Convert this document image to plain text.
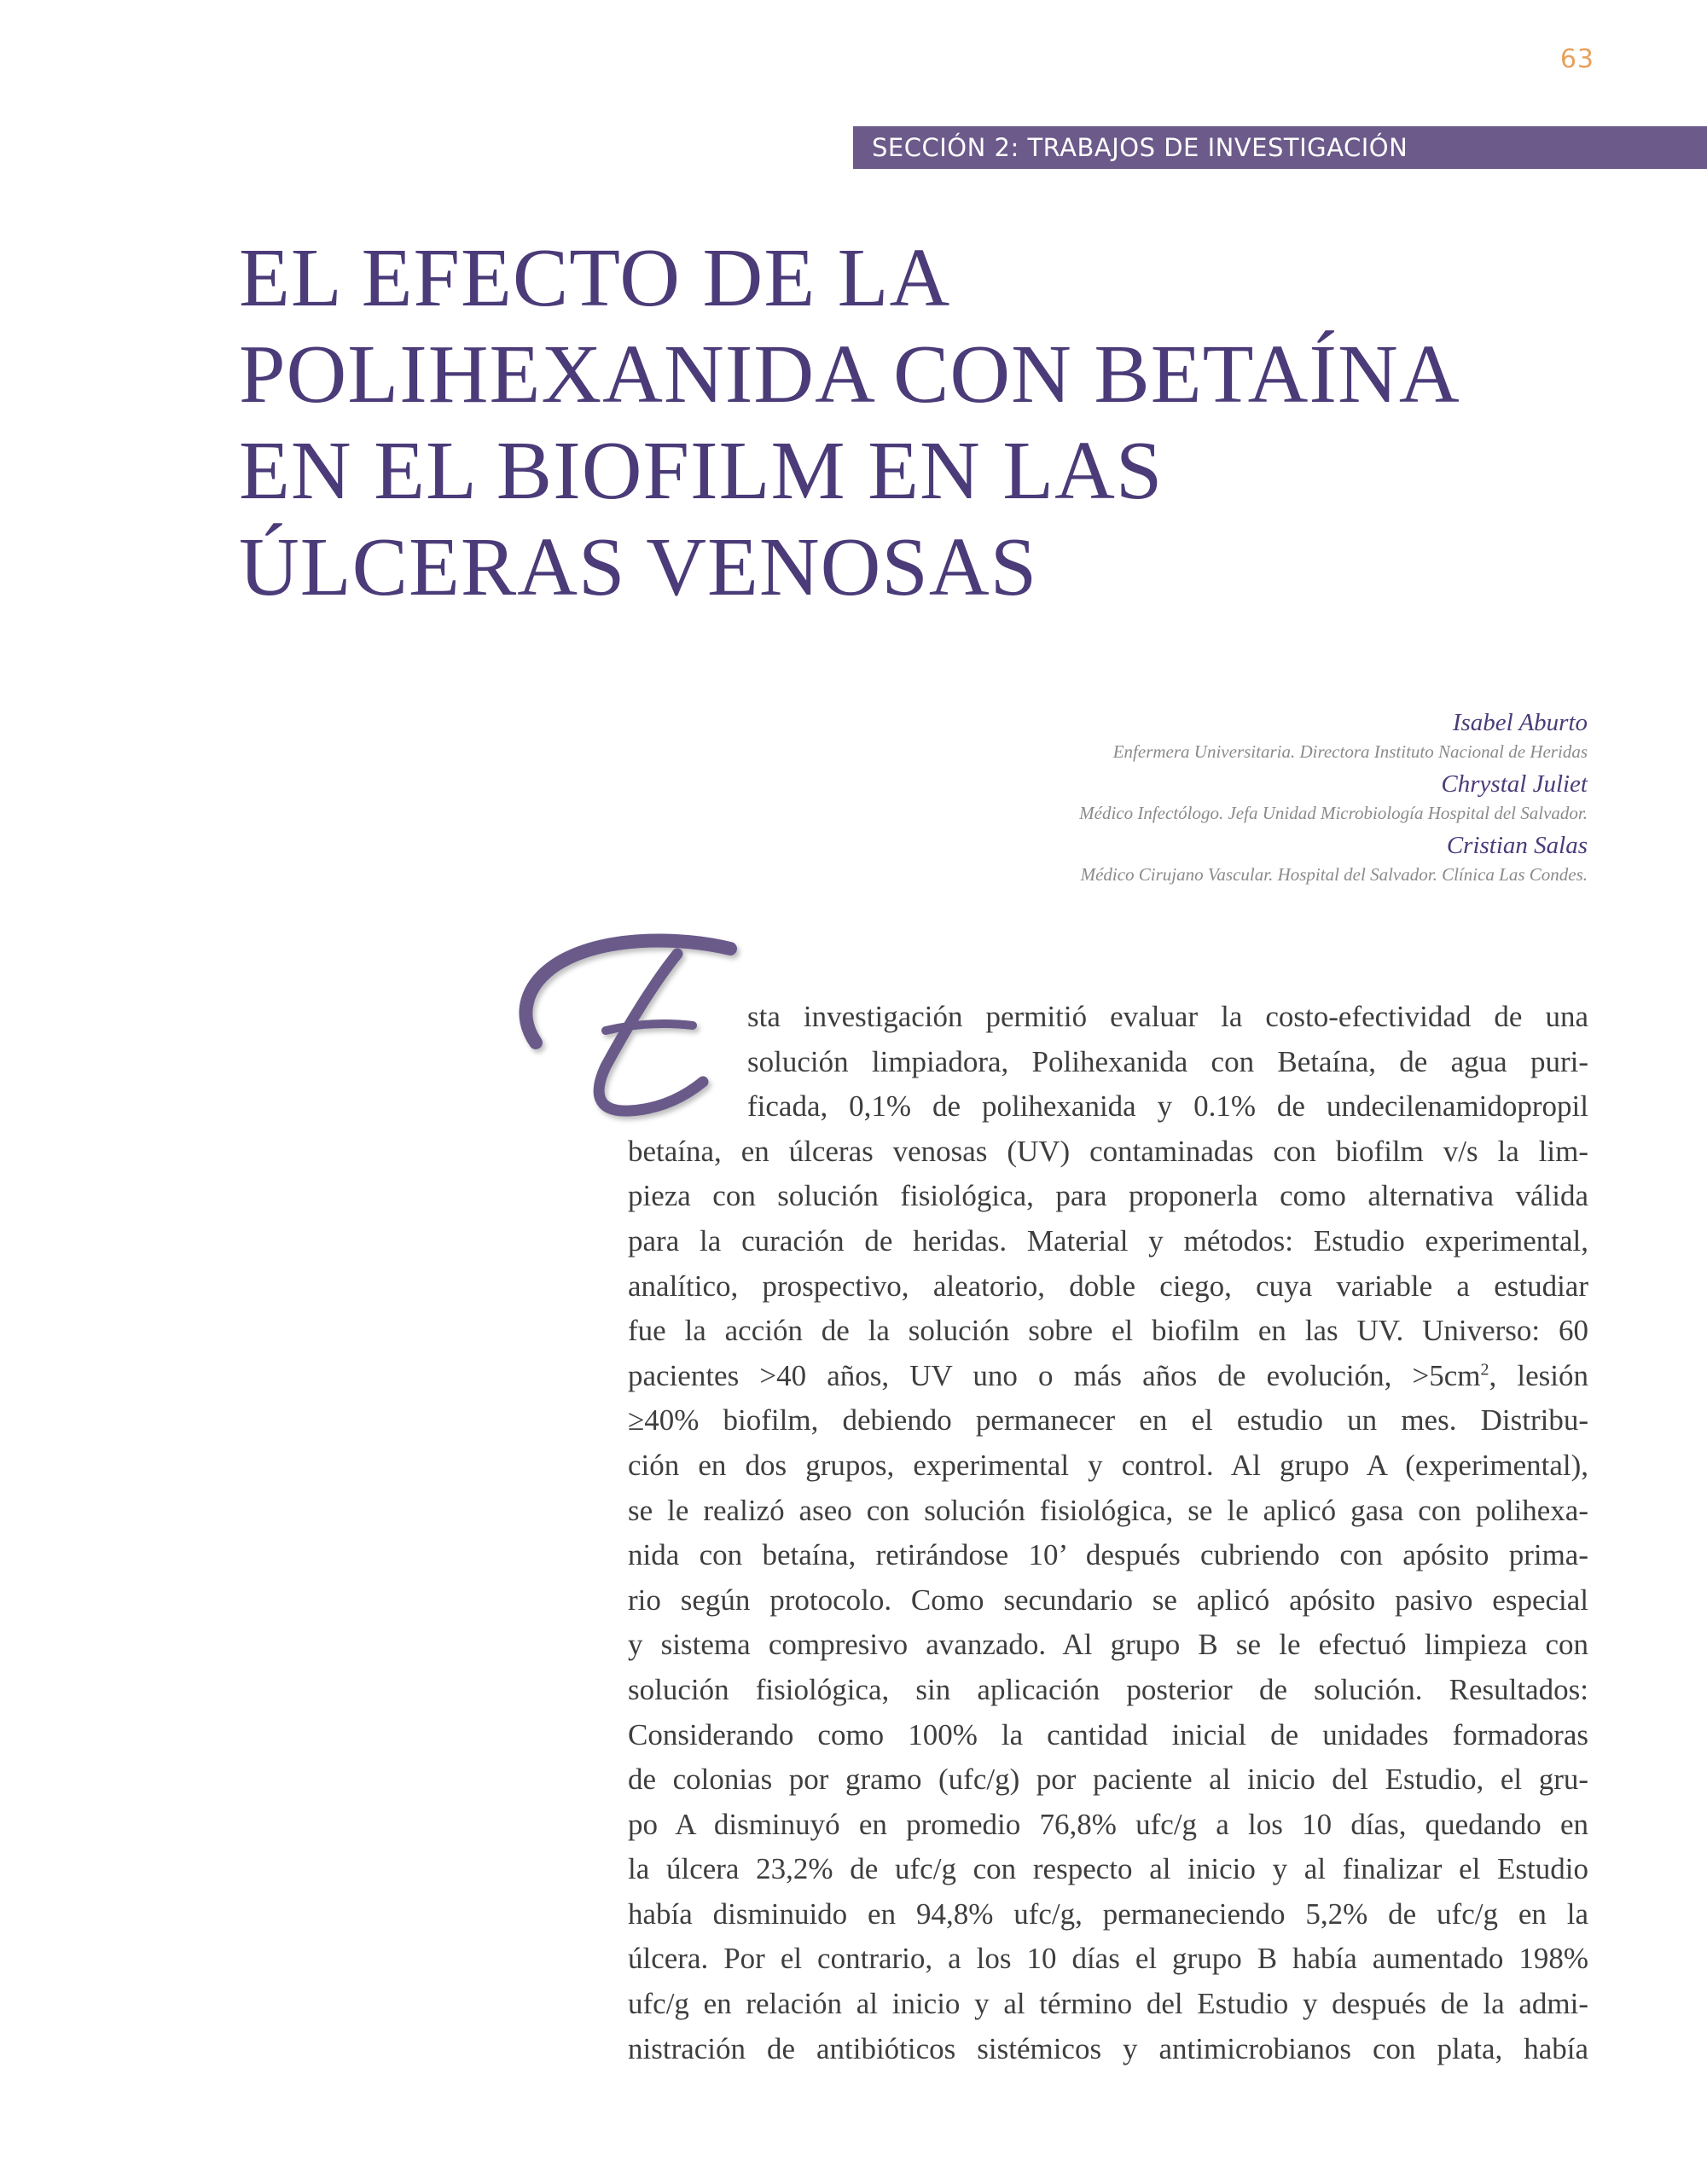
63
SECCIÓN 2: TRABAJOS DE INVESTIGACIÓN
EL EFECTO DE LA
POLIHEXANIDA CON BETAÍNA
EN EL BIOFILM EN LAS
ÚLCERAS VENOSAS
Isabel Aburto
Enfermera Universitaria. Directora Instituto Nacional de Heridas
Chrystal Juliet
Médico Infectólogo. Jefa Unidad Microbiología Hospital del Salvador.
Cristian Salas
Médico Cirujano Vascular. Hospital del Salvador. Clínica Las Condes.
E
sta investigación permitió evaluar la costo-efectividad de una
solución limpiadora, Polihexanida con Betaína, de agua puri-
ficada, 0,1% de polihexanida y 0.1% de undecilenamidopropil
betaína, en úlceras venosas (UV) contaminadas con biofilm v/s la lim-
pieza con solución fisiológica, para proponerla como alternativa válida
para la curación de heridas. Material y métodos: Estudio experimental,
analítico, prospectivo, aleatorio, doble ciego, cuya variable a estudiar
fue la acción de la solución sobre el biofilm en las UV. Universo: 60
pacientes >40 años, UV uno o más años de evolución, $>5cm^2$, lesión
≥40% biofilm, debiendo permanecer en el estudio un mes. Distribu-
ción en dos grupos, experimental y control. Al grupo A (experimental),
se le realizó aseo con solución fisiológica, se le aplicó gasa con polihexa-
nida con betaína, retirándose 10’ después cubriendo con apósito prima-
rio según protocolo. Como secundario se aplicó apósito pasivo especial
y sistema compresivo avanzado. Al grupo B se le efectuó limpieza con
solución fisiológica, sin aplicación posterior de solución. Resultados:
Considerando como 100% la cantidad inicial de unidades formadoras
de colonias por gramo (ufc/g) por paciente al inicio del Estudio, el gru-
po A disminuyó en promedio 76,8% ufc/g a los 10 días, quedando en
la úlcera 23,2% de ufc/g con respecto al inicio y al finalizar el Estudio
había disminuido en 94,8% ufc/g, permaneciendo 5,2% de ufc/g en la
úlcera. Por el contrario, a los 10 días el grupo B había aumentado 198%
ufc/g en relación al inicio y al término del Estudio y después de la admi-
nistración de antibióticos sistémicos y antimicrobianos con plata, había
